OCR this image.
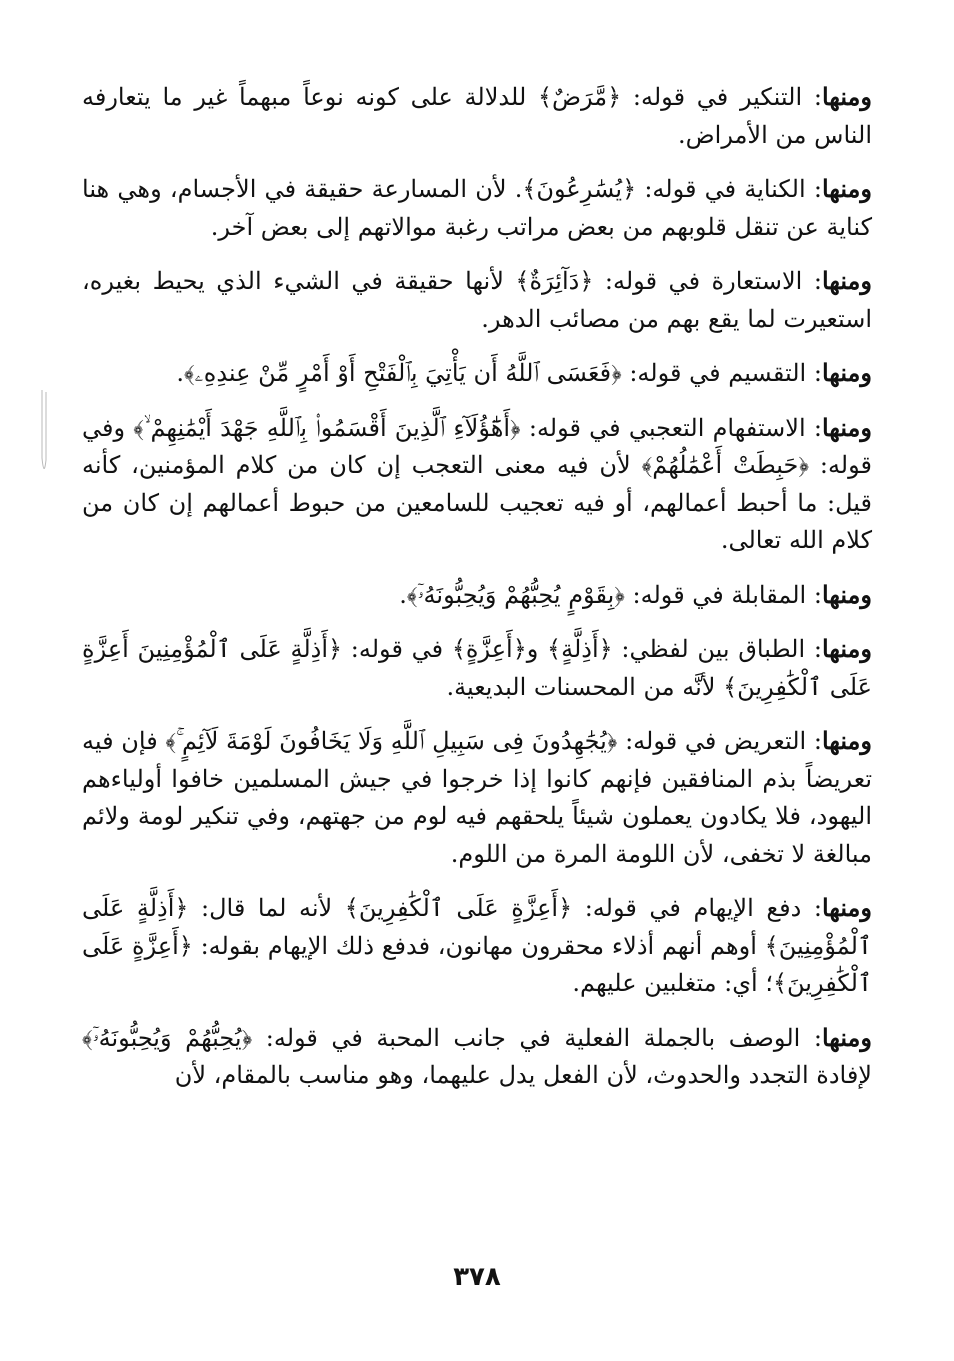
ومنها: التنكير في قوله: ﴿مَّرَضٌ﴾ للدلالة على كونه نوعاً مبهماً غير ما يتعارفه الناس من الأمراض.

ومنها: الكناية في قوله: ﴿يُسَٰرِعُونَ﴾. لأن المسارعة حقيقة في الأجسام، وهي هنا كناية عن تنقل قلوبهم من بعض مراتب رغبة موالاتهم إلى بعض آخر.

ومنها: الاستعارة في قوله: ﴿دَآئِرَةٌ﴾ لأنها حقيقة في الشيء الذي يحيط بغيره، استعيرت لما يقع بهم من مصائب الدهر.

ومنها: التقسيم في قوله: ﴿فَعَسَى ٱللَّهُ أَن يَأْتِيَ بِٱلْفَتْحِ أَوْ أَمْرٍ مِّنْ عِندِهِۦ﴾.

ومنها: الاستفهام التعجبي في قوله: ﴿أَهَٰٓؤُلَآءِ ٱلَّذِينَ أَقْسَمُوا۟ بِٱللَّهِ جَهْدَ أَيْمَٰنِهِمْ ۙ﴾ وفي قوله: ﴿حَبِطَتْ أَعْمَٰلُهُمْ﴾ لأن فيه معنى التعجب إن كان من كلام المؤمنين، كأنه قيل: ما أحبط أعمالهم، أو فيه تعجيب للسامعين من حبوط أعمالهم إن كان من كلام الله تعالى.

ومنها: المقابلة في قوله: ﴿بِقَوْمٍ يُحِبُّهُمْ وَيُحِبُّونَهُۥٓ﴾.

ومنها: الطباق بين لفظي: ﴿أَذِلَّةٍ﴾ و﴿أَعِزَّةٍ﴾ في قوله: ﴿أَذِلَّةٍ عَلَى ٱلْمُؤْمِنِينَ أَعِزَّةٍ عَلَى ٱلْكَٰفِرِينَ﴾ لأنَّه من المحسنات البديعية.

ومنها: التعريض في قوله: ﴿يُجَٰهِدُونَ فِى سَبِيلِ ٱللَّهِ وَلَا يَخَافُونَ لَوْمَةَ لَآئِمٍ ۚ﴾ فإن فيه تعريضاً بذم المنافقين فإنهم كانوا إذا خرجوا في جيش المسلمين خافوا أولياءهم اليهود، فلا يكادون يعملون شيئاً يلحقهم فيه لوم من جهتهم، وفي تنكير لومة ولائم مبالغة لا تخفى، لأن اللومة المرة من اللوم.

ومنها: دفع الإيهام في قوله: ﴿أَعِزَّةٍ عَلَى ٱلْكَٰفِرِينَ﴾ لأنه لما قال: ﴿أَذِلَّةٍ عَلَى ٱلْمُؤْمِنِينَ﴾ أوهم أنهم أذلاء محقرون مهانون، فدفع ذلك الإيهام بقوله: ﴿أَعِزَّةٍ عَلَى ٱلْكَٰفِرِينَ﴾؛ أي: متغلبين عليهم.

ومنها: الوصف بالجملة الفعلية في جانب المحبة في قوله: ﴿يُحِبُّهُمْ وَيُحِبُّونَهُۥٓ﴾ لإفادة التجدد والحدوث، لأن الفعل يدل عليهما، وهو مناسب بالمقام، لأن

٣٧٨
